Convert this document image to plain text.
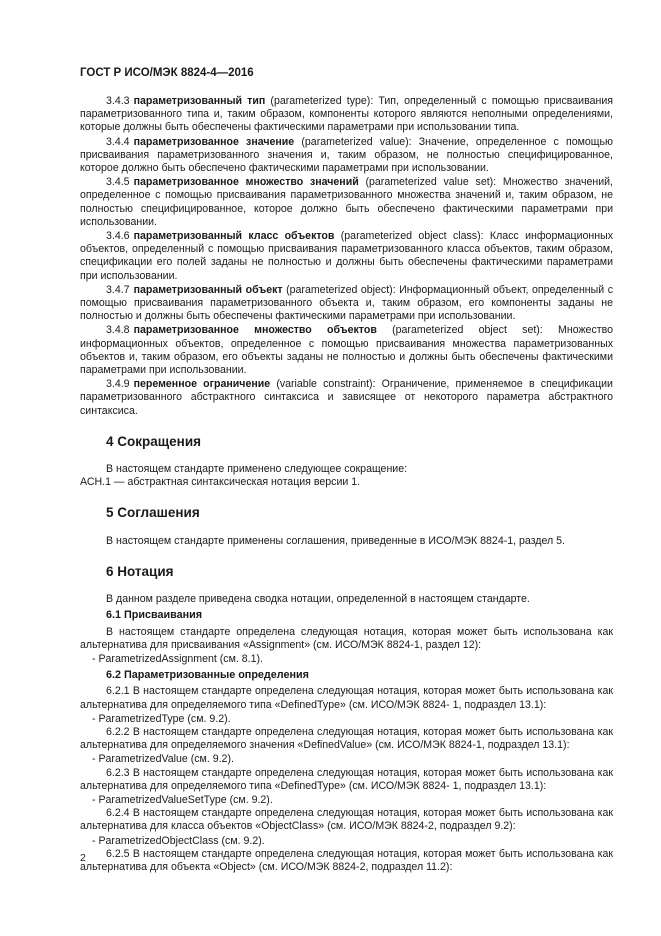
ГОСТ Р ИСО/МЭК 8824-4—2016

3.4.3 параметризованный тип (parameterized type): Тип, определенный с помощью присваивания параметризованного типа и, таким образом, компоненты которого являются неполными определениями, которые должны быть обеспечены фактическими параметрами при использовании типа.

3.4.4 параметризованное значение (parameterized value): Значение, определенное с помощью присваивания параметризованного значения и, таким образом, не полностью специфицированное, которое должно быть обеспечено фактическими параметрами при использовании.

3.4.5 параметризованное множество значений (parameterized value set): Множество значений, определенное с помощью присваивания параметризованного множества значений и, таким образом, не полностью специфицированное, которое должно быть обеспечено фактическими параметрами при использовании.

3.4.6 параметризованный класс объектов (parameterized object class): Класс информационных объектов, определенный с помощью присваивания параметризованного класса объектов, таким образом, спецификации его полей заданы не полностью и должны быть обеспечены фактическими параметрами при использовании.

3.4.7 параметризованный объект (parameterized object): Информационный объект, определенный с помощью присваивания параметризованного объекта и, таким образом, его компоненты заданы не полностью и должны быть обеспечены фактическими параметрами при использовании.

3.4.8 параметризованное множество объектов (parameterized object set): Множество информационных объектов, определенное с помощью присваивания множества параметризованных объектов и, таким образом, его объекты заданы не полностью и должны быть обеспечены фактическими параметрами при использовании.

3.4.9 переменное ограничение (variable constraint): Ограничение, применяемое в спецификации параметризованного абстрактного синтаксиса и зависящее от некоторого параметра абстрактного синтаксиса.

4 Сокращения

В настоящем стандарте применено следующее сокращение:

АСН.1 — абстрактная синтаксическая нотация версии 1.

5 Соглашения

В настоящем стандарте применены соглашения, приведенные в ИСО/МЭК 8824-1, раздел 5.

6 Нотация

В данном разделе приведена сводка нотации, определенной в настоящем стандарте.

6.1 Присваивания

В настоящем стандарте определена следующая нотация, которая может быть использована как альтернатива для присваивания «Assignment» (см. ИСО/МЭК 8824-1, раздел 12):

- ParametrizedAssignment (см. 8.1).

6.2 Параметризованные определения

6.2.1 В настоящем стандарте определена следующая нотация, которая может быть использована как альтернатива для определяемого типа «DefinedType» (см. ИСО/МЭК 8824- 1, подраздел 13.1):

- ParametrizedType (см. 9.2).

6.2.2 В настоящем стандарте определена следующая нотация, которая может быть использована как альтернатива для определяемого значения «DefinedValue» (см. ИСО/МЭК 8824-1, подраздел 13.1):

- ParametrizedValue (см. 9.2).

6.2.3 В настоящем стандарте определена следующая нотация, которая может быть использована как альтернатива для определяемого типа «DefinedType» (см. ИСО/МЭК 8824- 1, подраздел 13.1):

- ParametrizedValueSetType (см. 9.2).

6.2.4 В настоящем стандарте определена следующая нотация, которая может быть использована как альтернатива для класса объектов «ObjectClass» (см. ИСО/МЭК 8824-2, подраздел 9.2):

- ParametrizedObjectClass (см. 9.2).

6.2.5 В настоящем стандарте определена следующая нотация, которая может быть использована как альтернатива для объекта «Object» (см. ИСО/МЭК 8824-2, подраздел 11.2):

2
